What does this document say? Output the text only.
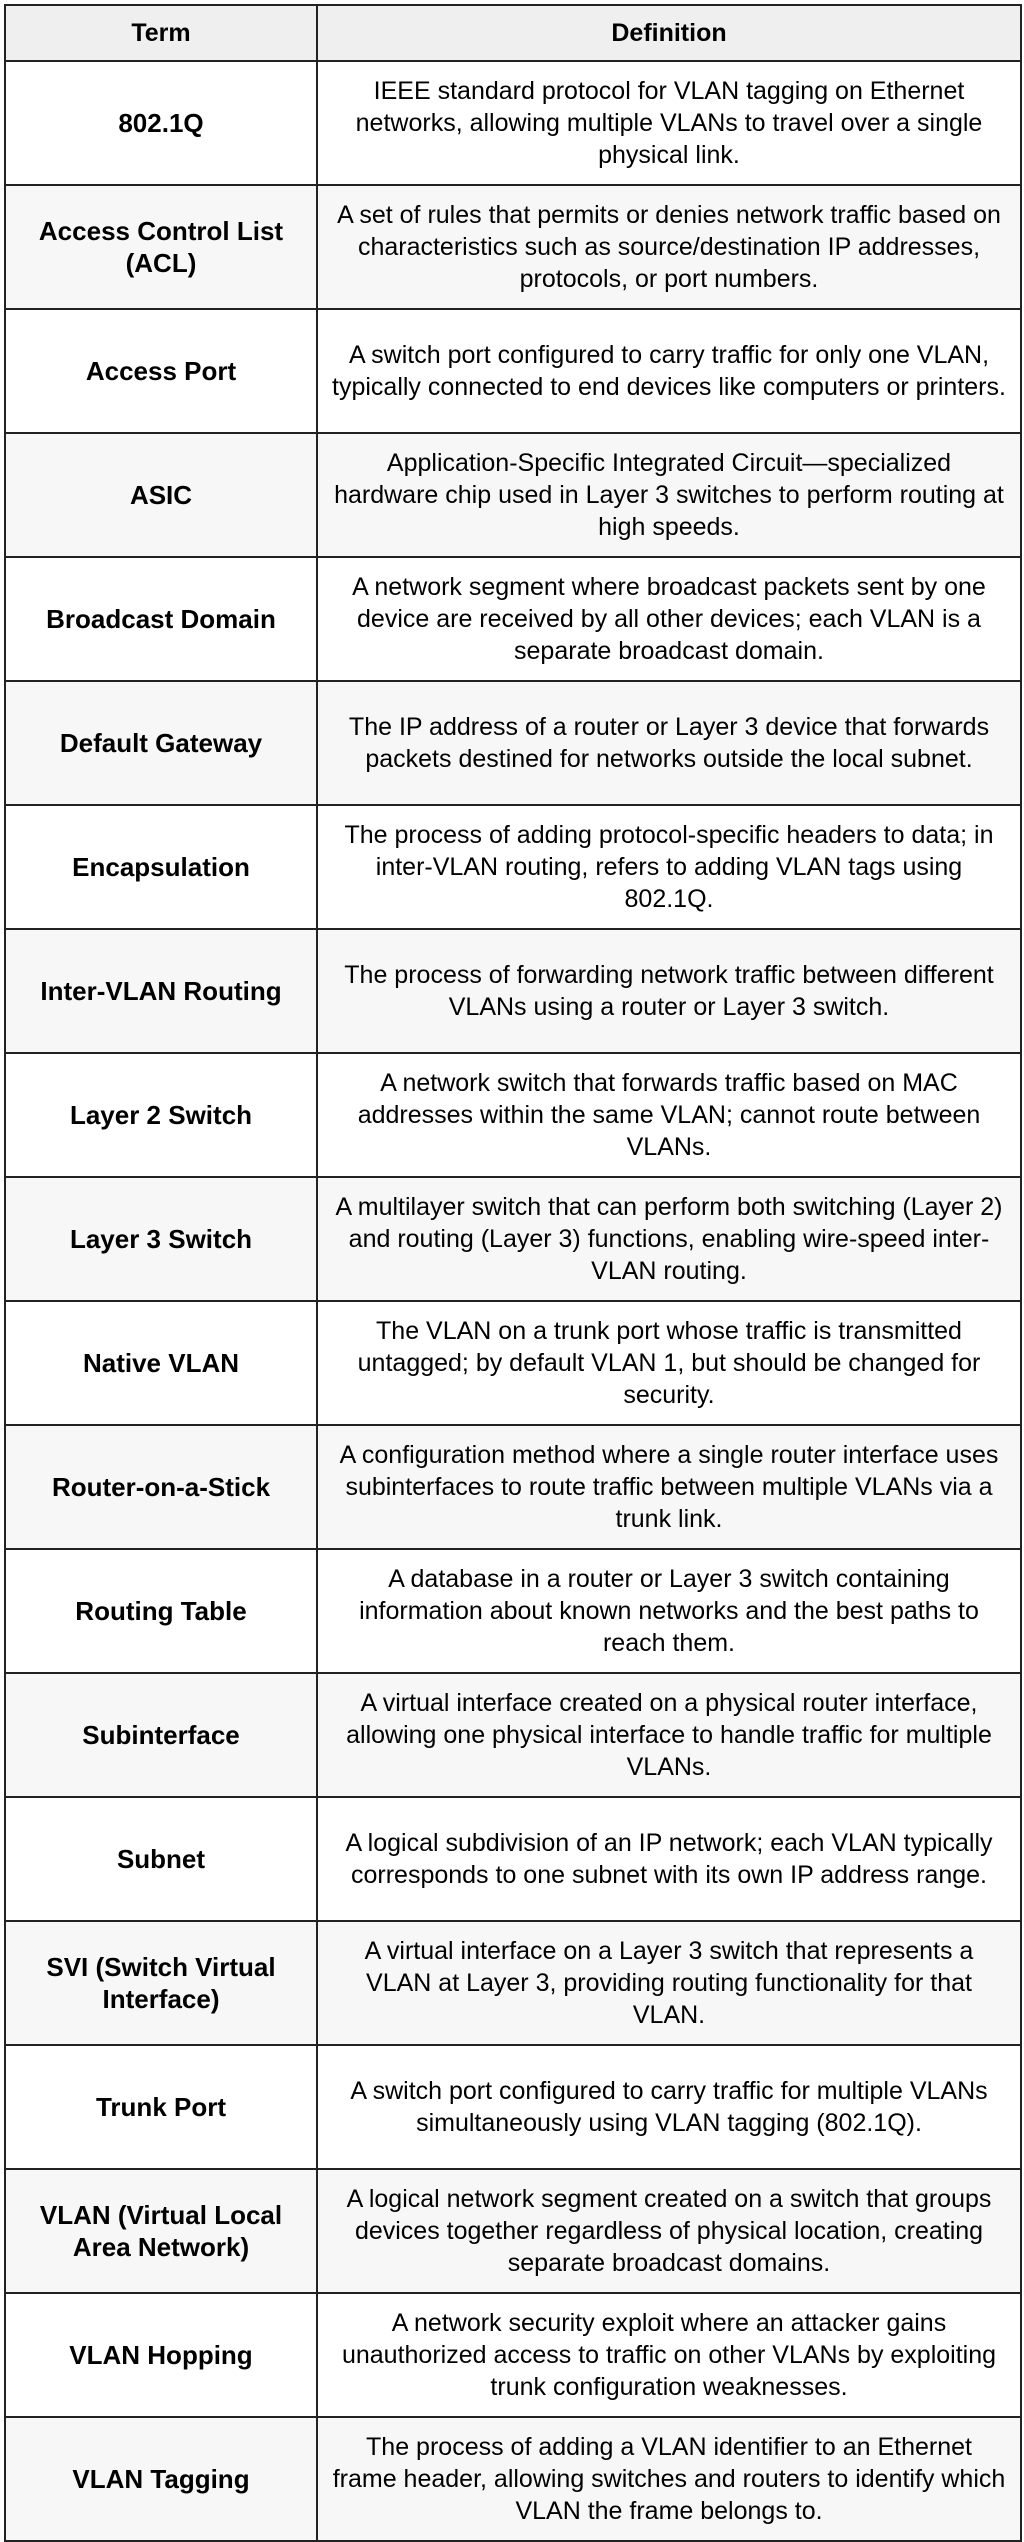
Term	Definition
802.1Q	IEEE standard protocol for VLAN tagging on Ethernet networks, allowing multiple VLANs to travel over a single physical link.
Access Control List (ACL)	A set of rules that permits or denies network traffic based on characteristics such as source/destination IP addresses, protocols, or port numbers.
Access Port	A switch port configured to carry traffic for only one VLAN, typically connected to end devices like computers or printers.
ASIC	Application-Specific Integrated Circuit—specialized hardware chip used in Layer 3 switches to perform routing at high speeds.
Broadcast Domain	A network segment where broadcast packets sent by one device are received by all other devices; each VLAN is a separate broadcast domain.
Default Gateway	The IP address of a router or Layer 3 device that forwards packets destined for networks outside the local subnet.
Encapsulation	The process of adding protocol-specific headers to data; in inter-VLAN routing, refers to adding VLAN tags using 802.1Q.
Inter-VLAN Routing	The process of forwarding network traffic between different VLANs using a router or Layer 3 switch.
Layer 2 Switch	A network switch that forwards traffic based on MAC addresses within the same VLAN; cannot route between VLANs.
Layer 3 Switch	A multilayer switch that can perform both switching (Layer 2) and routing (Layer 3) functions, enabling wire-speed inter-VLAN routing.
Native VLAN	The VLAN on a trunk port whose traffic is transmitted untagged; by default VLAN 1, but should be changed for security.
Router-on-a-Stick	A configuration method where a single router interface uses subinterfaces to route traffic between multiple VLANs via a trunk link.
Routing Table	A database in a router or Layer 3 switch containing information about known networks and the best paths to reach them.
Subinterface	A virtual interface created on a physical router interface, allowing one physical interface to handle traffic for multiple VLANs.
Subnet	A logical subdivision of an IP network; each VLAN typically corresponds to one subnet with its own IP address range.
SVI (Switch Virtual Interface)	A virtual interface on a Layer 3 switch that represents a VLAN at Layer 3, providing routing functionality for that VLAN.
Trunk Port	A switch port configured to carry traffic for multiple VLANs simultaneously using VLAN tagging (802.1Q).
VLAN (Virtual Local Area Network)	A logical network segment created on a switch that groups devices together regardless of physical location, creating separate broadcast domains.
VLAN Hopping	A network security exploit where an attacker gains unauthorized access to traffic on other VLANs by exploiting trunk configuration weaknesses.
VLAN Tagging	The process of adding a VLAN identifier to an Ethernet frame header, allowing switches and routers to identify which VLAN the frame belongs to.
